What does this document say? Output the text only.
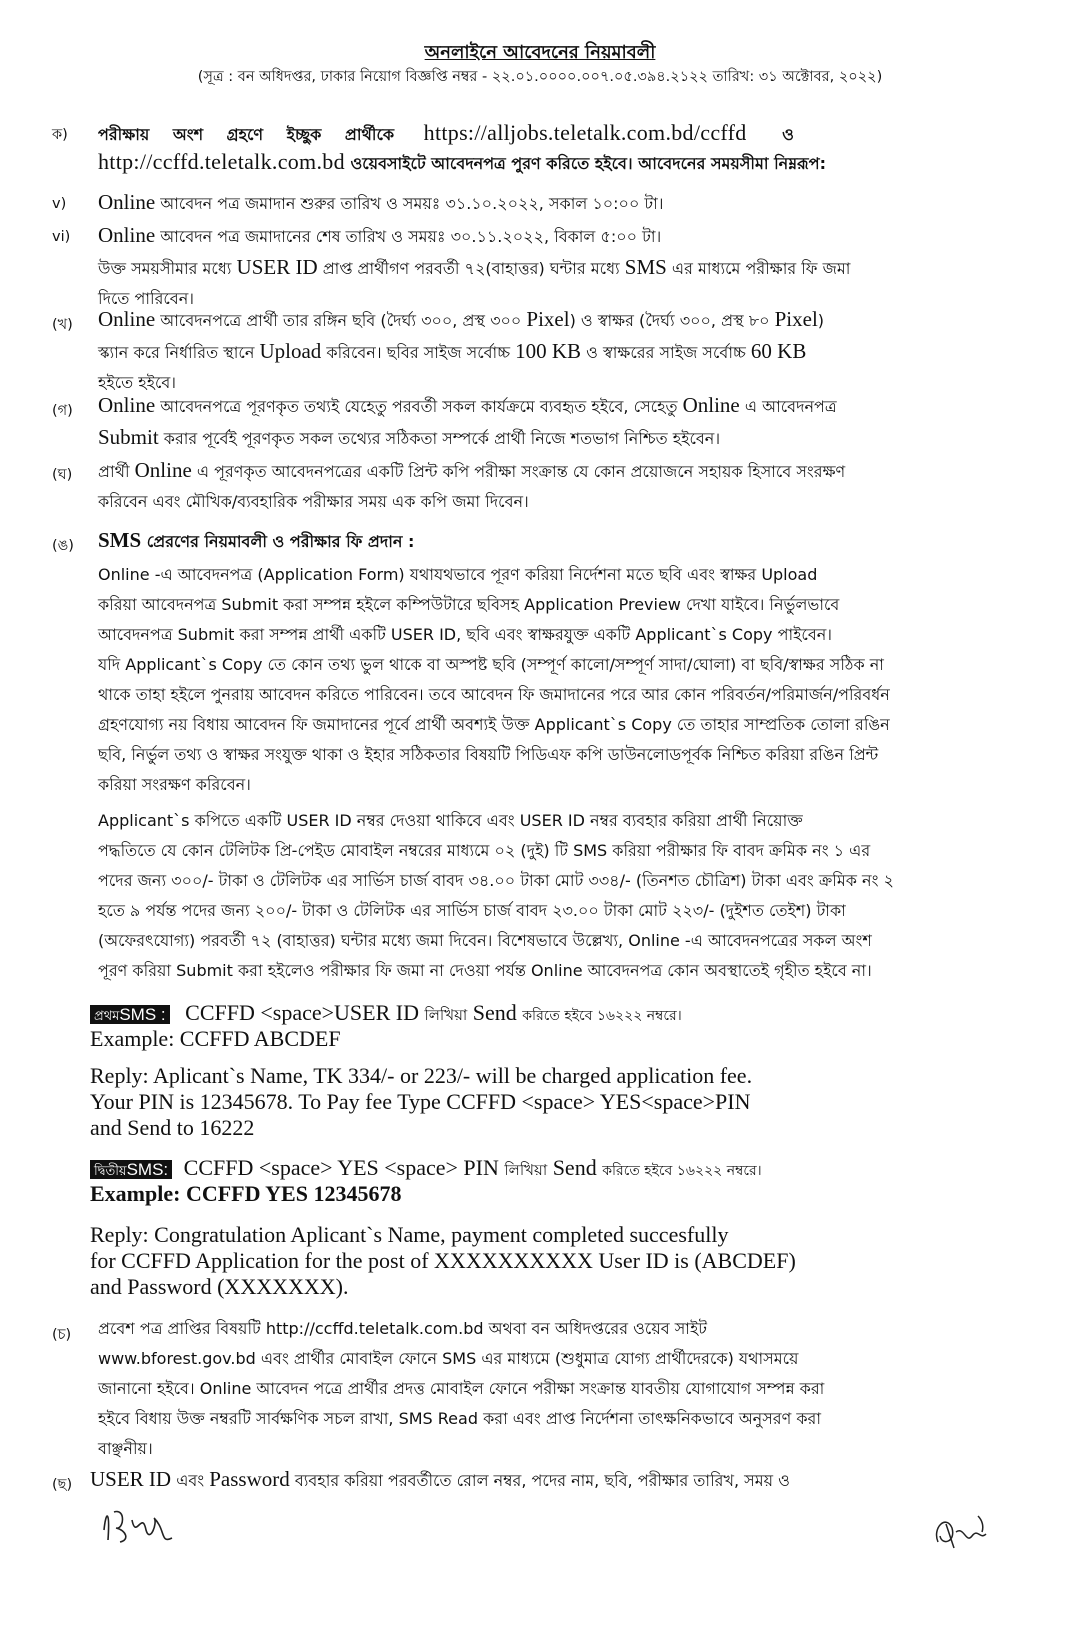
অনলাইনে আবেদনের নিয়মাবলী
(সূত্র : বন অধিদপ্তর, ঢাকার নিয়োগ বিজ্ঞপ্তি নম্বর - ২২.০১.০০০০.০০৭.০৫.৩৯৪.২১২২ তারিখ: ৩১ অক্টোবর, ২০২২)
ক) পরীক্ষায় অংশ গ্রহণে ইচ্ছুক প্রার্থীকে https://alljobs.teletalk.com.bd/ccffd ও
http://ccffd.teletalk.com.bd ওয়েবসাইটে আবেদনপত্র পুরণ করিতে হইবে। আবেদনের সময়সীমা নিম্নরূপ:
v) Online আবেদন পত্র জমাদান শুরুর তারিখ ও সময়ঃ ৩১.১০.২০২২, সকাল ১০:০০ টা।
vi) Online আবেদন পত্র জমাদানের শেষ তারিখ ও সময়ঃ ৩০.১১.২০২২, বিকাল ৫:০০ টা।
উক্ত সময়সীমার মধ্যে USER ID প্রাপ্ত প্রার্থীগণ পরবর্তী ৭২(বাহাত্তর) ঘন্টার মধ্যে SMS এর মাধ্যমে পরীক্ষার ফি জমা
দিতে পারিবেন।
(খ) Online আবেদনপত্রে প্রার্থী তার রঙ্গিন ছবি (দৈর্ঘ্য ৩০০, প্রস্থ ৩০০ Pixel) ও স্বাক্ষর (দৈর্ঘ্য ৩০০, প্রস্থ ৮০ Pixel)
স্ক্যান করে নির্ধারিত স্থানে Upload করিবেন। ছবির সাইজ সর্বোচ্চ 100 KB ও স্বাক্ষরের সাইজ সর্বোচ্চ 60 KB
হইতে হইবে।
(গ) Online আবেদনপত্রে পূরণকৃত তথ্যই যেহেতু পরবর্তী সকল কার্যক্রমে ব্যবহৃত হইবে, সেহেতু Online এ আবেদনপত্র
Submit করার পূর্বেই পূরণকৃত সকল তথ্যের সঠিকতা সম্পর্কে প্রার্থী নিজে শতভাগ নিশ্চিত হইবেন।
(ঘ) প্রার্থী Online এ পূরণকৃত আবেদনপত্রের একটি প্রিন্ট কপি পরীক্ষা সংক্রান্ত যে কোন প্রয়োজনে সহায়ক হিসাবে সংরক্ষণ
করিবেন এবং মৌখিক/ব্যবহারিক পরীক্ষার সময় এক কপি জমা দিবেন।
(ঙ) SMS প্রেরণের নিয়মাবলী ও পরীক্ষার ফি প্রদান :
Online -এ আবেদনপত্র (Application Form) যথাযথভাবে পূরণ করিয়া নির্দেশনা মতে ছবি এবং স্বাক্ষর Upload
করিয়া আবেদনপত্র Submit করা সম্পন্ন হইলে কম্পিউটারে ছবিসহ Application Preview দেখা যাইবে। নির্ভুলভাবে
আবেদনপত্র Submit করা সম্পন্ন প্রার্থী একটি USER ID, ছবি এবং স্বাক্ষরযুক্ত একটি Applicant`s Copy পাইবেন।
যদি Applicant`s Copy তে কোন তথ্য ভুল থাকে বা অস্পষ্ট ছবি (সম্পূর্ণ কালো/সম্পূর্ণ সাদা/ঘোলা) বা ছবি/স্বাক্ষর সঠিক না
থাকে তাহা হইলে পুনরায় আবেদন করিতে পারিবেন। তবে আবেদন ফি জমাদানের পরে আর কোন পরিবর্তন/পরিমার্জন/পরিবর্ধন
গ্রহণযোগ্য নয় বিধায় আবেদন ফি জমাদানের পূর্বে প্রার্থী অবশ্যই উক্ত Applicant`s Copy তে তাহার সাম্প্রতিক তোলা রঙিন
ছবি, নির্ভুল তথ্য ও স্বাক্ষর সংযুক্ত থাকা ও ইহার সঠিকতার বিষয়টি পিডিএফ কপি ডাউনলোডপূর্বক নিশ্চিত করিয়া রঙিন প্রিন্ট
করিয়া সংরক্ষণ করিবেন।
Applicant`s কপিতে একটি USER ID নম্বর দেওয়া থাকিবে এবং USER ID নম্বর ব্যবহার করিয়া প্রার্থী নিয়োক্ত
পদ্ধতিতে যে কোন টেলিটক প্রি-পেইড মোবাইল নম্বরের মাধ্যমে ০২ (দুই) টি SMS করিয়া পরীক্ষার ফি বাবদ ক্রমিক নং ১ এর
পদের জন্য ৩০০/- টাকা ও টেলিটক এর সার্ভিস চার্জ বাবদ ৩৪.০০ টাকা মোট ৩৩৪/- (তিনশত চৌত্রিশ) টাকা এবং ক্রমিক নং ২
হতে ৯ পর্যন্ত পদের জন্য ২০০/- টাকা ও টেলিটক এর সার্ভিস চার্জ বাবদ ২৩.০০ টাকা মোট ২২৩/- (দুইশত তেইশ) টাকা
(অফেরৎযোগ্য) পরবর্তী ৭২ (বাহাত্তর) ঘন্টার মধ্যে জমা দিবেন। বিশেষভাবে উল্লেখ্য, Online -এ আবেদনপত্রের সকল অংশ
পূরণ করিয়া Submit করা হইলেও পরীক্ষার ফি জমা না দেওয়া পর্যন্ত Online আবেদনপত্র কোন অবস্থাতেই গৃহীত হইবে না।
প্রথমSMS : CCFFD <space>USER ID লিখিয়া Send করিতে হইবে ১৬২২২ নম্বরে।
Example: CCFFD ABCDEF
Reply: Aplicant`s Name, TK 334/- or 223/- will be charged application fee.
Your PIN is 12345678. To Pay fee Type CCFFD <space> YES<space>PIN
and Send to 16222
দ্বিতীয়SMS: CCFFD <space> YES <space> PIN লিখিয়া Send করিতে হইবে ১৬২২২ নম্বরে।
Example: CCFFD YES 12345678
Reply: Congratulation Aplicant`s Name, payment completed succesfully
for CCFFD Application for the post of XXXXXXXXXX User ID is (ABCDEF)
and Password (XXXXXXX).
(চ) প্রবেশ পত্র প্রাপ্তির বিষয়টি http://ccffd.teletalk.com.bd অথবা বন অধিদপ্তরের ওয়েব সাইট
www.bforest.gov.bd এবং প্রার্থীর মোবাইল ফোনে SMS এর মাধ্যমে (শুধুমাত্র যোগ্য প্রার্থীদেরকে) যথাসময়ে
জানানো হইবে। Online আবেদন পত্রে প্রার্থীর প্রদত্ত মোবাইল ফোনে পরীক্ষা সংক্রান্ত যাবতীয় যোগাযোগ সম্পন্ন করা
হইবে বিধায় উক্ত নম্বরটি সার্বক্ষণিক সচল রাখা, SMS Read করা এবং প্রাপ্ত নির্দেশনা তাৎক্ষনিকভাবে অনুসরণ করা
বাঞ্ছনীয়।
(ছ) USER ID এবং Password ব্যবহার করিয়া পরবর্তীতে রোল নম্বর, পদের নাম, ছবি, পরীক্ষার তারিখ, সময় ও
